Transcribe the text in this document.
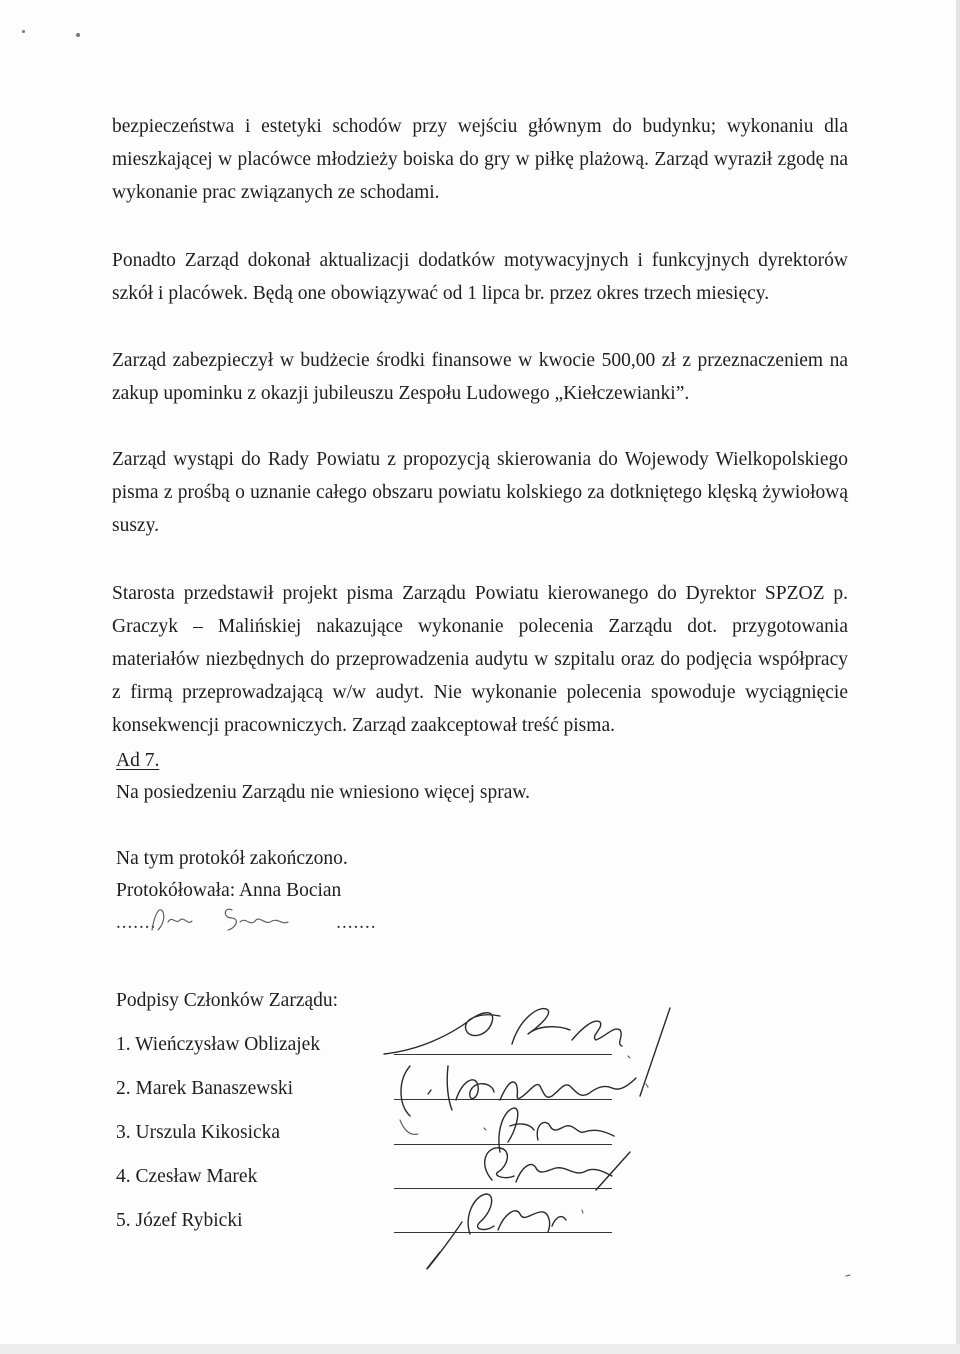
bezpieczeństwa i estetyki schodów przy wejściu głównym do budynku; wykonaniu dla mieszkającej w placówce młodzieży boiska do gry w piłkę plażową. Zarząd wyraził zgodę na wykonanie prac związanych ze schodami.

Ponadto Zarząd dokonał aktualizacji dodatków motywacyjnych i funkcyjnych dyrektorów szkół i placówek. Będą one obowiązywać od 1 lipca br. przez okres trzech miesięcy.

Zarząd zabezpieczył w budżecie środki finansowe w kwocie 500,00 zł z przeznaczeniem na zakup upominku z okazji jubileuszu Zespołu Ludowego „Kiełczewianki”.

Zarząd wystąpi do Rady Powiatu z propozycją skierowania do Wojewody Wielkopolskiego pisma z prośbą o uznanie całego obszaru powiatu kolskiego za dotkniętego klęską żywiołową suszy.

Starosta przedstawił projekt pisma Zarządu Powiatu kierowanego do Dyrektor SPZOZ p. Graczyk – Malińskiej nakazujące wykonanie polecenia Zarządu dot. przygotowania materiałów niezbędnych do przeprowadzenia audytu w szpitalu oraz do podjęcia współpracy z firmą przeprowadzającą w/w audyt. Nie wykonanie polecenia spowoduje wyciągnięcie konsekwencji pracowniczych. Zarząd zaakceptował treść pisma.

Ad 7.
Na posiedzeniu Zarządu nie wniesiono więcej spraw.
Na tym protokół zakończono.
Protokółowała: Anna Bocian
.......	.......
Podpisy Członków Zarządu:
1. Wieńczysław Oblizajek
2. Marek Banaszewski
3. Urszula Kikosicka
4. Czesław Marek
5. Józef Rybicki
